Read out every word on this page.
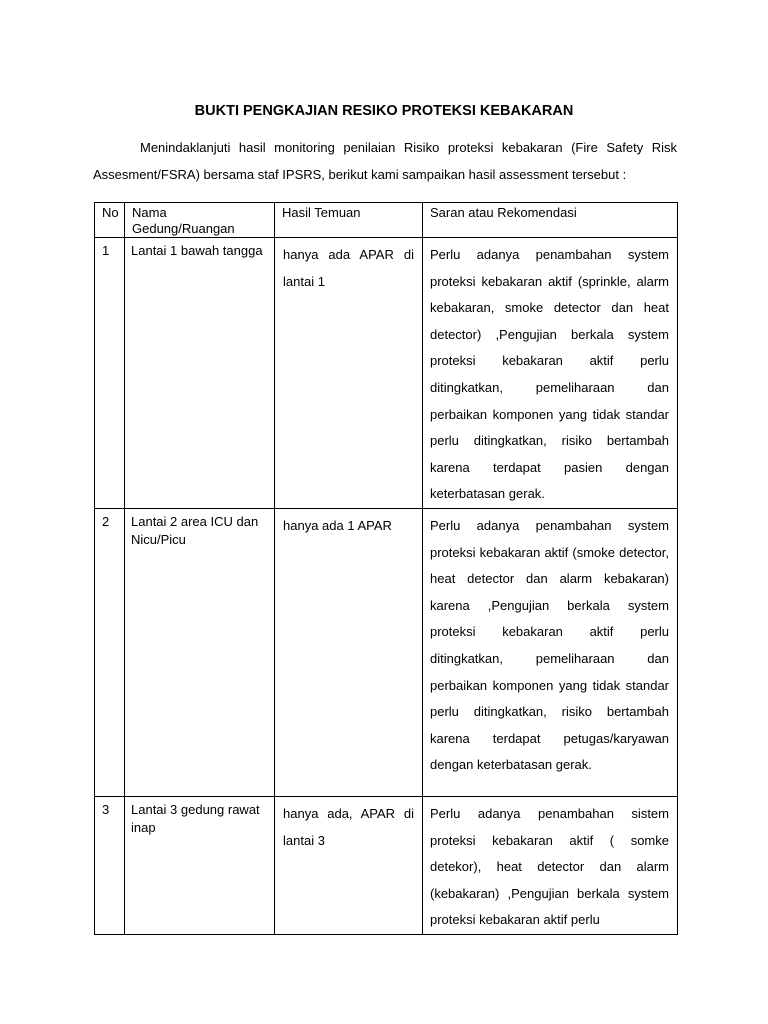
BUKTI PENGKAJIAN RESIKO PROTEKSI KEBAKARAN
Menindaklanjuti hasil monitoring penilaian Risiko proteksi kebakaran (Fire Safety Risk Assesment/FSRA) bersama staf IPSRS, berikut kami sampaikan hasil assessment tersebut :
No	Nama Gedung/Ruangan	Hasil Temuan	Saran atau Rekomendasi

1	Lantai 1 bawah tangga	hanya ada APAR di lantai 1	Perlu adanya penambahan system proteksi kebakaran aktif (sprinkle, alarm kebakaran, smoke detector dan heat detector) ,Pengujian berkala system proteksi kebakaran aktif perlu ditingkatkan, pemeliharaan dan perbaikan komponen yang tidak standar perlu ditingkatkan, risiko bertambah karena terdapat pasien dengan keterbatasan gerak.

2	Lantai 2 area ICU dan Nicu/Picu	hanya ada 1 APAR	Perlu adanya penambahan system proteksi kebakaran aktif (smoke detector, heat detector dan alarm kebakaran) karena ,Pengujian berkala system proteksi kebakaran aktif perlu ditingkatkan, pemeliharaan dan perbaikan komponen yang tidak standar perlu ditingkatkan, risiko bertambah karena terdapat petugas/karyawan dengan keterbatasan gerak.

3	Lantai 3 gedung rawat inap	hanya ada, APAR di lantai 3	Perlu adanya penambahan sistem proteksi kebakaran aktif ( somke detekor), heat detector dan alarm (kebakaran) ,Pengujian berkala system proteksi kebakaran aktif perlu
